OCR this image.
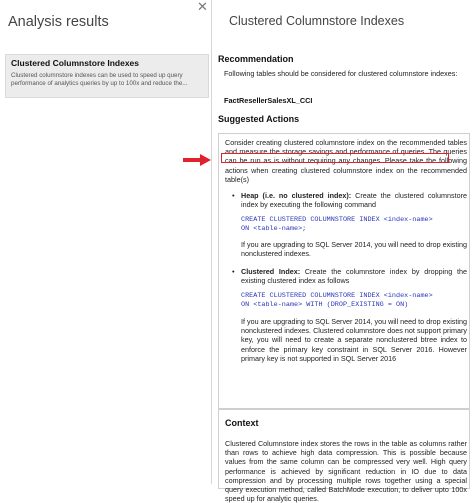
Analysis results
✕
Clustered Columnstore Indexes
Clustered columnstore indexes can be used to speed up query
performance of analytics queries by up to 100x and reduce the...
Clustered Columnstore Indexes
Recommendation
Following tables should be considered for clustered columnstore indexes:
FactResellerSalesXL_CCI
Suggested Actions
Consider creating clustered columnstore index on the recommended tables and measure the storage savings and performance of queries. The queries can be run as is without requiring any changes. Please take the following actions when creating clustered columnstore index on the recommended table(s)
• Heap (i.e. no clustered index): Create the clustered columnstore index by executing the following command
CREATE CLUSTERED COLUMNSTORE INDEX <index-name>
ON <table-name>;
If you are upgrading to SQL Server 2014, you will need to drop existing nonclustered indexes.
• Clustered Index: Create the columnstore index by dropping the existing clustered index as follows
CREATE CLUSTERED COLUMNSTORE INDEX <index-name>
ON <table-name> WITH (DROP_EXISTING = ON)
If you are upgrading to SQL Server 2014, you will need to drop existing nonclustered indexes. Clustered columnstore does not support primary key, you will need to create a separate nonclustered btree index to enforce the primary key constraint in SQL Server 2016. However primary key is not supported in SQL Server 2016
Context
Clustered Columnstore index stores the rows in the table as columns rather than rows to achieve high data compression. This is possible because values from the same column can be compressed very well. High query performance is achieved by significant reduction in IO due to data compression and by processing multiple rows together using a special query execution method, called BatchMode execution, to deliver upto 100x speed up for analytic queries.
